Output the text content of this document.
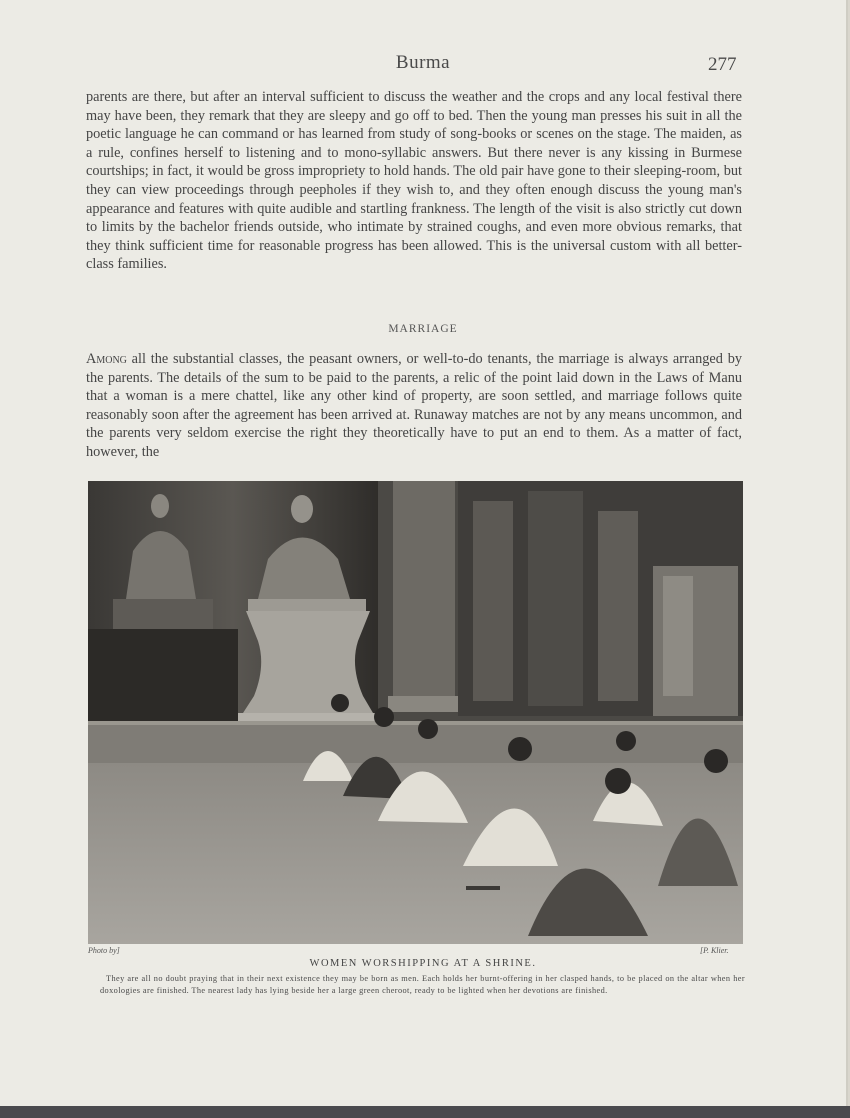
Burma	277

parents are there, but after an interval sufficient to discuss the weather and the crops and any local festival there may have been, they remark that they are sleepy and go off to bed. Then the young man presses his suit in all the poetic language he can command or has learned from study of song-books or scenes on the stage. The maiden, as a rule, confines herself to listening and to mono-syllabic answers. But there never is any kissing in Burmese courtships; in fact, it would be gross impropriety to hold hands. The old pair have gone to their sleeping-room, but they can view proceedings through peepholes if they wish to, and they often enough discuss the young man's appearance and features with quite audible and startling frankness. The length of the visit is also strictly cut down to limits by the bachelor friends outside, who intimate by strained coughs, and even more obvious remarks, that they think sufficient time for reasonable progress has been allowed. This is the universal custom with all better-class families.

MARRIAGE

Among all the substantial classes, the peasant owners, or well-to-do tenants, the marriage is always arranged by the parents. The details of the sum to be paid to the parents, a relic of the point laid down in the Laws of Manu that a woman is a mere chattel, like any other kind of property, are soon settled, and marriage follows quite reasonably soon after the agreement has been arrived at. Runaway matches are not by any means uncommon, and the parents very seldom exercise the right they theoretically have to put an end to them. As a matter of fact, however, the

Photo by]	[P. Klier.
WOMEN WORSHIPPING AT A SHRINE.

They are all no doubt praying that in their next existence they may be born as men. Each holds her burnt-offering in her clasped hands, to be placed on the altar when her doxologies are finished. The nearest lady has lying beside her a large green cheroot, ready to be lighted when her devotions are finished.
